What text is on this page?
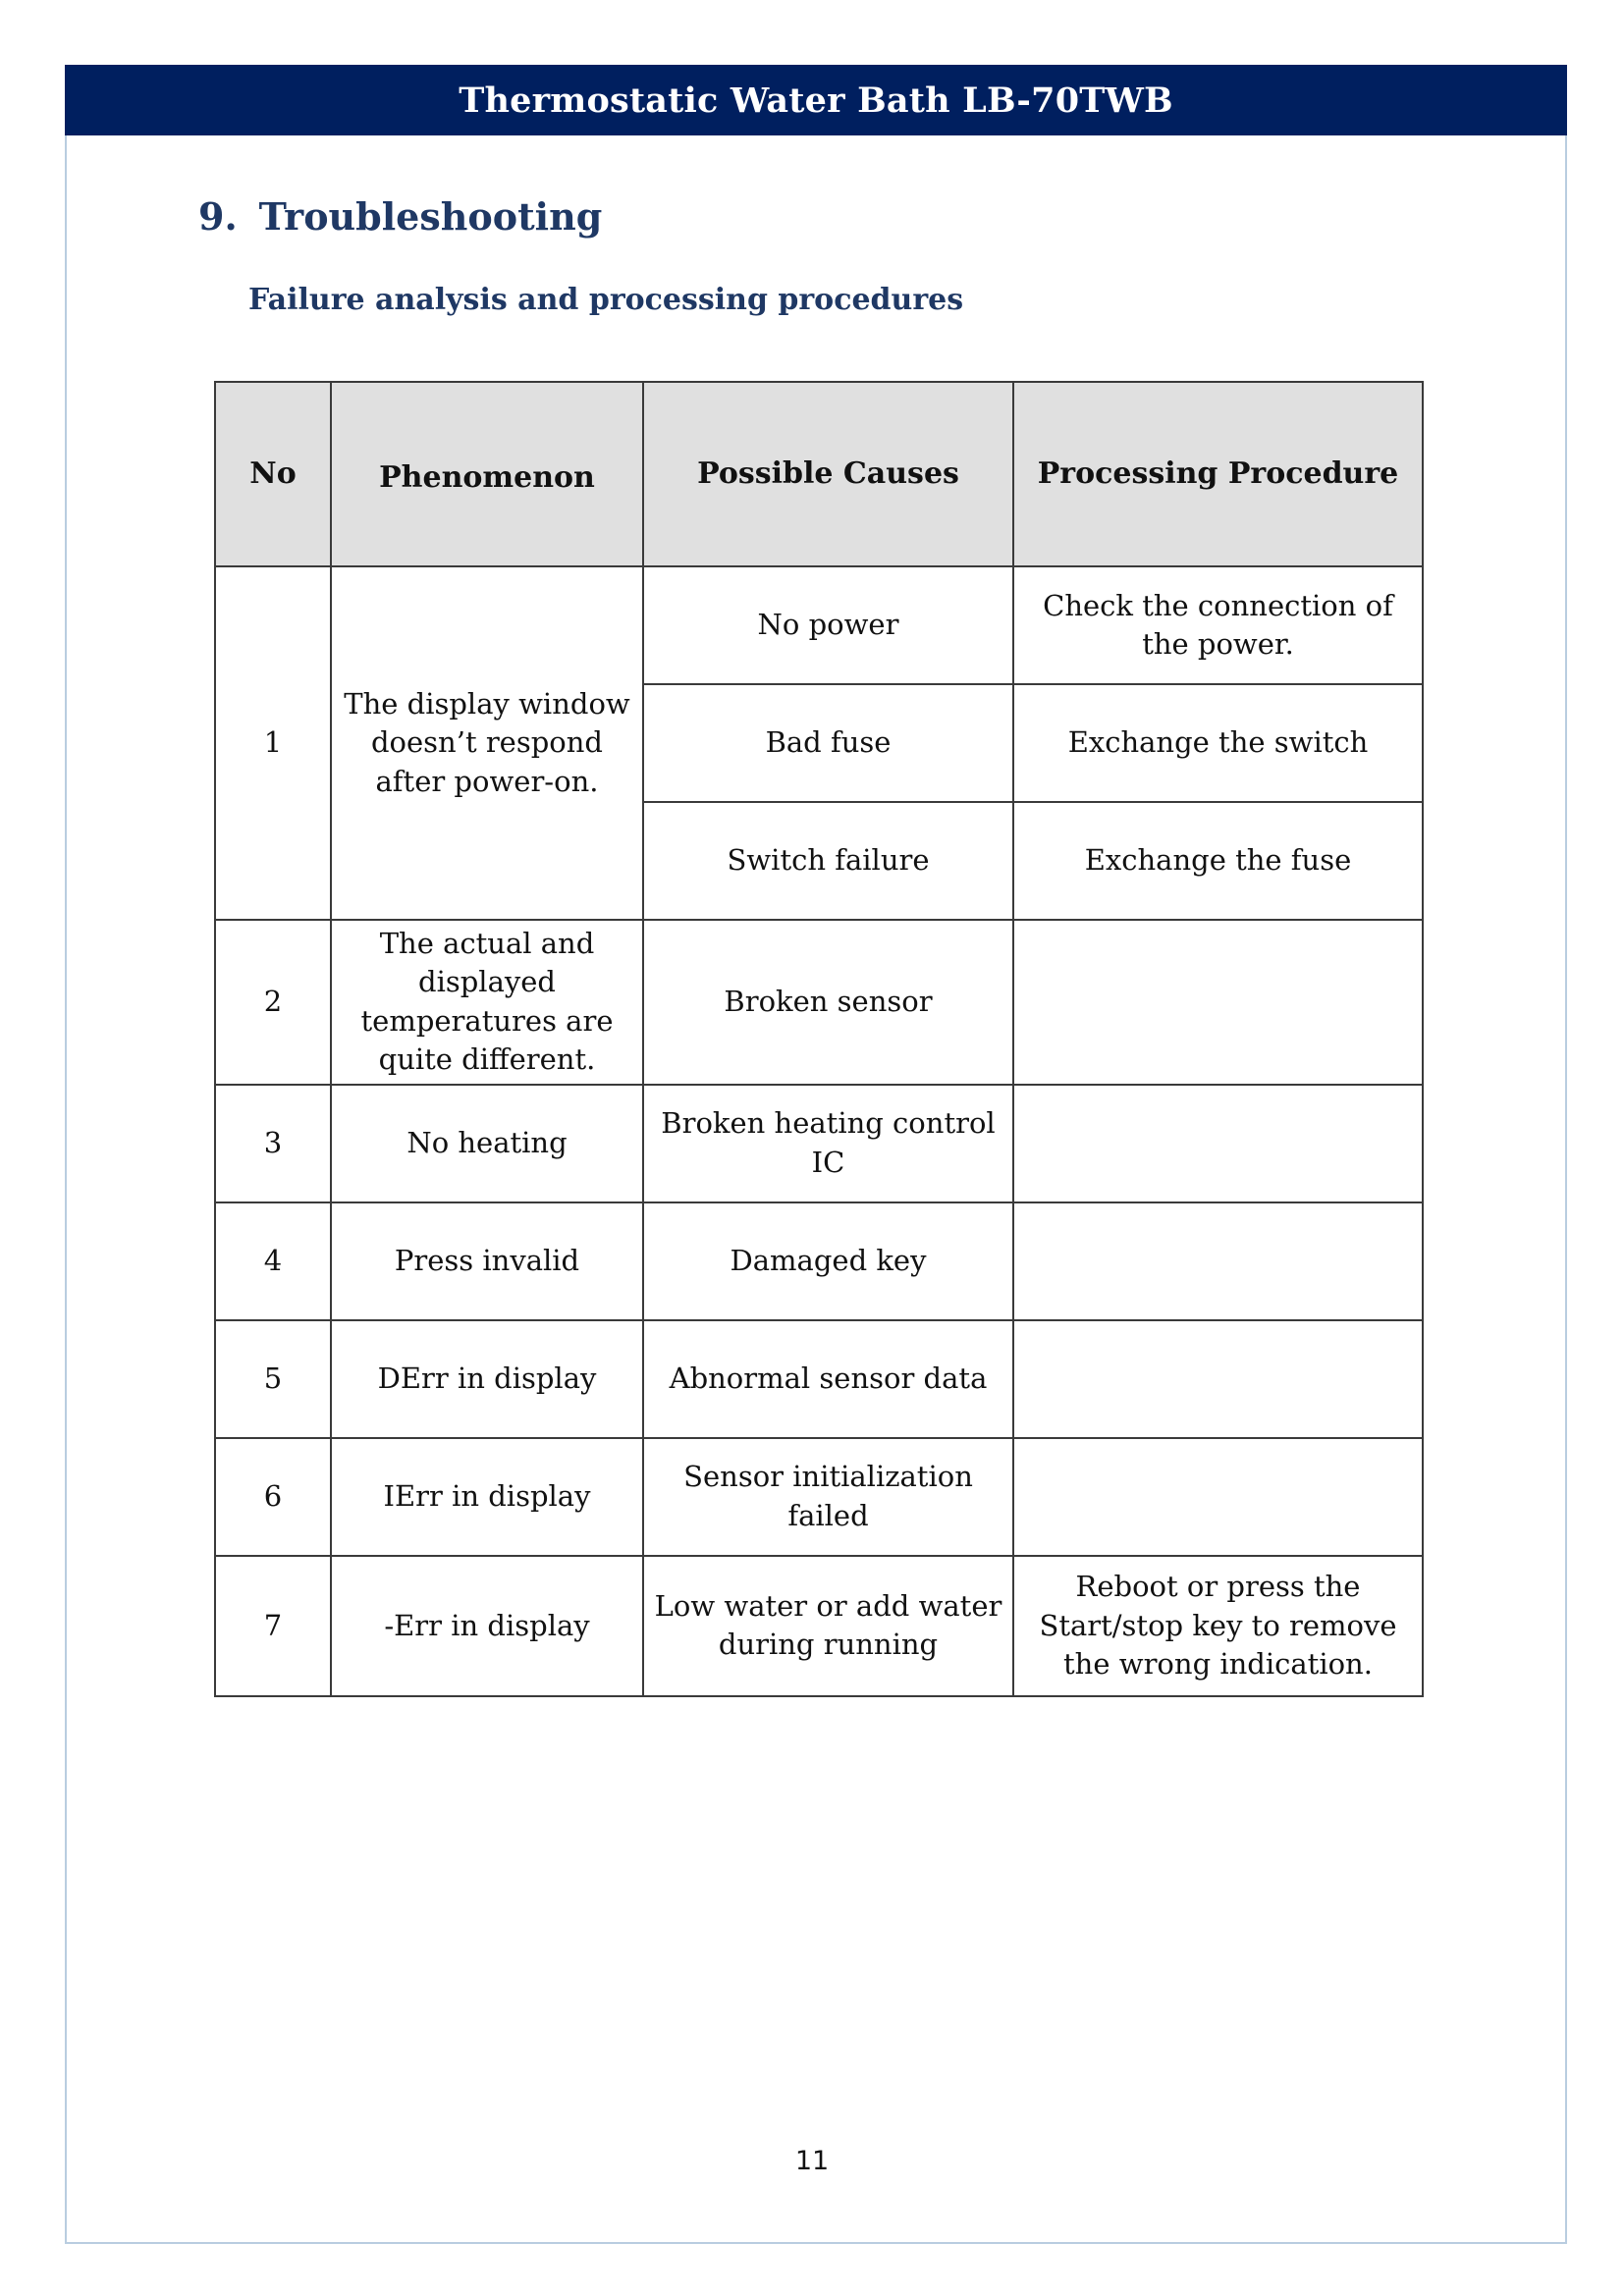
Thermostatic Water Bath LB-70TWB
9. Troubleshooting
Failure analysis and processing procedures
No	Phenomenon	Possible Causes	Processing Procedure
1	The display window doesn’t respond after power-on.	No power	Check the connection of the power.
		Bad fuse	Exchange the switch
		Switch failure	Exchange the fuse
2	The actual and displayed temperatures are quite different.	Broken sensor	
3	No heating	Broken heating control IC	
4	Press invalid	Damaged key	
5	DErr in display	Abnormal sensor data	
6	IErr in display	Sensor initialization failed	
7	-Err in display	Low water or add water during running	Reboot or press the Start/stop key to remove the wrong indication.
11
